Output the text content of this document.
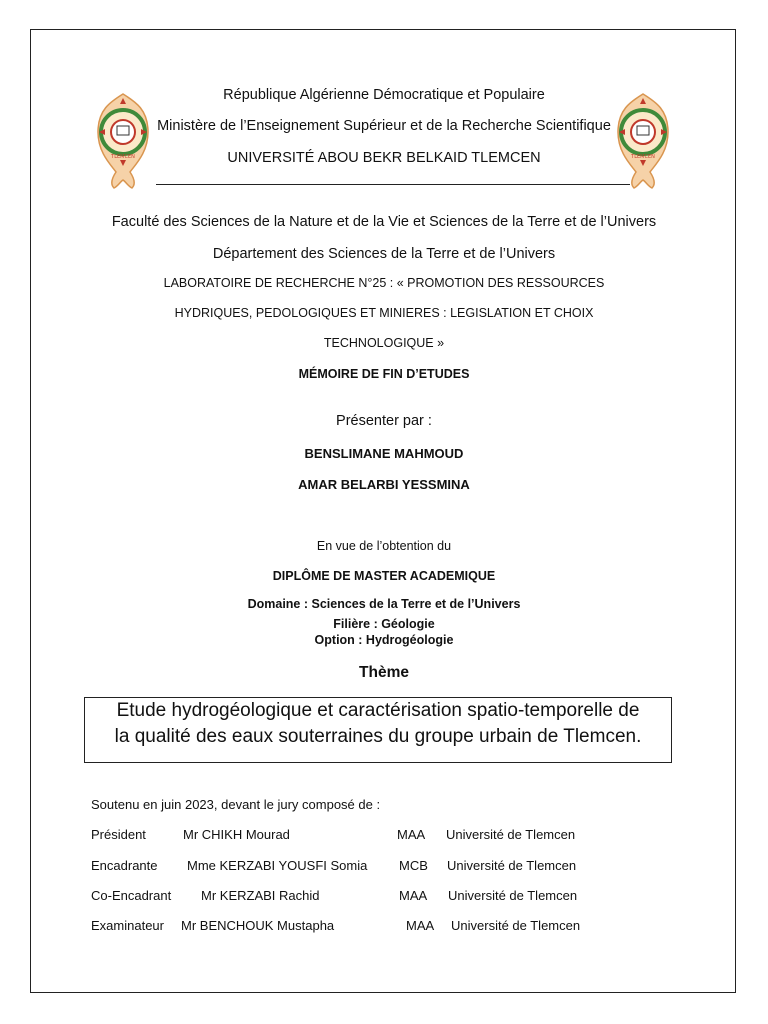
TLEMCEN	TLEMCEN
République Algérienne Démocratique et Populaire
Ministère de l’Enseignement Supérieur et de la Recherche Scientifique
UNIVERSITÉ ABOU BEKR BELKAID TLEMCEN
Faculté des Sciences de la Nature et de la Vie et Sciences de la Terre et de l’Univers
Département des Sciences de la Terre et de l’Univers
LABORATOIRE DE RECHERCHE N°25 : « PROMOTION DES RESSOURCES
HYDRIQUES, PEDOLOGIQUES ET MINIERES : LEGISLATION ET CHOIX
TECHNOLOGIQUE »
MÉMOIRE DE FIN D’ETUDES
Présenter par :
BENSLIMANE MAHMOUD
AMAR BELARBI YESSMINA
En vue de l’obtention du
DIPLÔME DE MASTER ACADEMIQUE
Domaine : Sciences de la Terre et de l’Univers
Filière : Géologie
Option : Hydrogéologie
Thème
Etude hydrogéologique et caractérisation spatio-temporelle de
la qualité des eaux souterraines du groupe urbain de Tlemcen.
Soutenu en juin 2023, devant le jury composé de :
Président	Mr CHIKH Mourad	MAA Université de Tlemcen
Encadrante Mme KERZABI YOUSFI Somia MCB Université de Tlemcen
Co-Encadrant Mr KERZABI Rachid	MAA Université de Tlemcen
Examinateur Mr BENCHOUK Mustapha	MAA Université de Tlemcen
